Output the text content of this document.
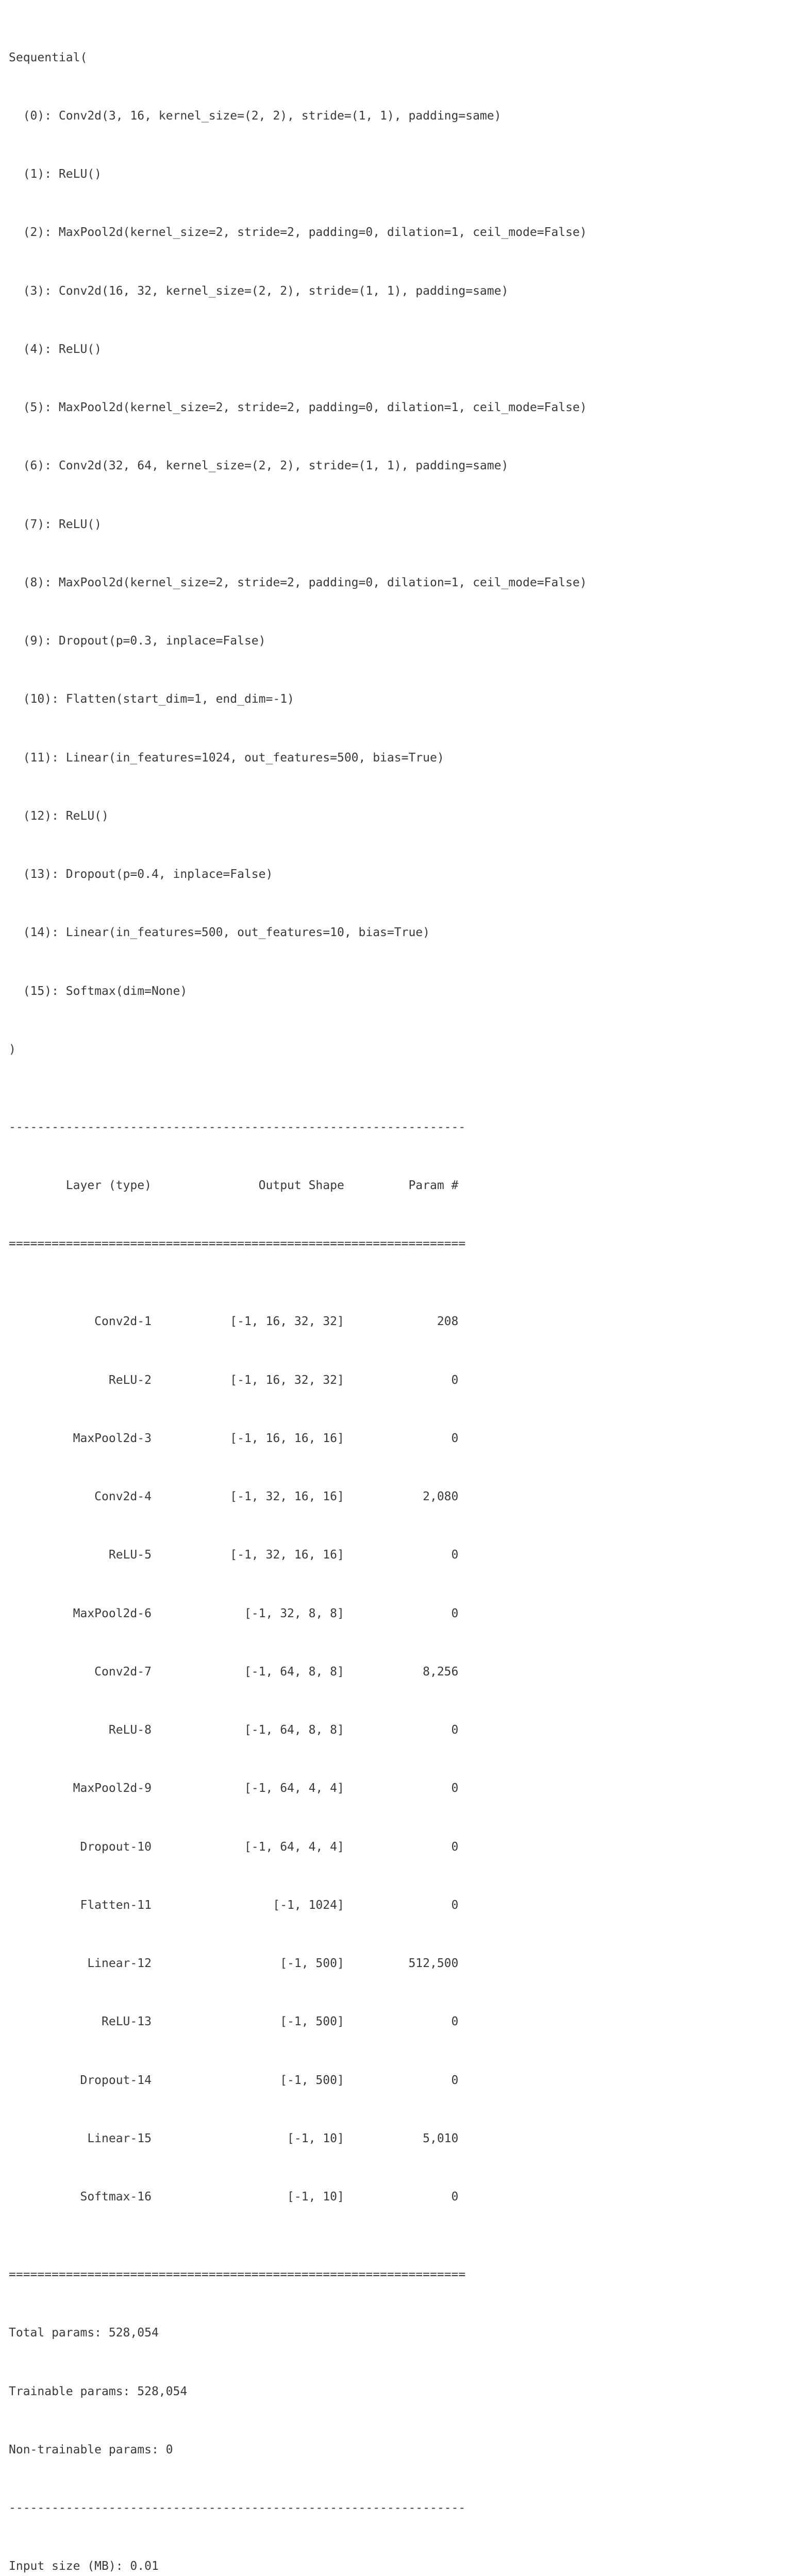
Sequential(

(0): Conv2d(3, 16, kernel_size=(2, 2), stride=(1, 1), padding=same)

(1): ReLU()

(2): MaxPool2d(kernel_size=2, stride=2, padding=0, dilation=1, ceil_mode=False)

(3): Conv2d(16, 32, kernel_size=(2, 2), stride=(1, 1), padding=same)

(4): ReLU()

(5): MaxPool2d(kernel_size=2, stride=2, padding=0, dilation=1, ceil_mode=False)

(6): Conv2d(32, 64, kernel_size=(2, 2), stride=(1, 1), padding=same)

(7): ReLU()

(8): MaxPool2d(kernel_size=2, stride=2, padding=0, dilation=1, ceil_mode=False)

(9): Dropout(p=0.3, inplace=False)

(10): Flatten(start_dim=1, end_dim=-1)

(11): Linear(in_features=1024, out_features=500, bias=True)

(12): ReLU()

(13): Dropout(p=0.4, inplace=False)

(14): Linear(in_features=500, out_features=10, bias=True)

(15): Softmax(dim=None)

)

----------------------------------------------------------------

Layer (type)               Output Shape         Param #

================================================================

Conv2d-1           [-1, 16, 32, 32]             208

ReLU-2           [-1, 16, 32, 32]               0

MaxPool2d-3           [-1, 16, 16, 16]               0

Conv2d-4           [-1, 32, 16, 16]           2,080

ReLU-5           [-1, 32, 16, 16]               0

MaxPool2d-6             [-1, 32, 8, 8]               0

Conv2d-7             [-1, 64, 8, 8]           8,256

ReLU-8             [-1, 64, 8, 8]               0

MaxPool2d-9             [-1, 64, 4, 4]               0

Dropout-10             [-1, 64, 4, 4]               0

Flatten-11                 [-1, 1024]               0

Linear-12                  [-1, 500]         512,500

ReLU-13                  [-1, 500]               0

Dropout-14                  [-1, 500]               0

Linear-15                   [-1, 10]           5,010

Softmax-16                   [-1, 10]               0

================================================================

Total params: 528,054

Trainable params: 528,054

Non-trainable params: 0

----------------------------------------------------------------

Input size (MB): 0.01
